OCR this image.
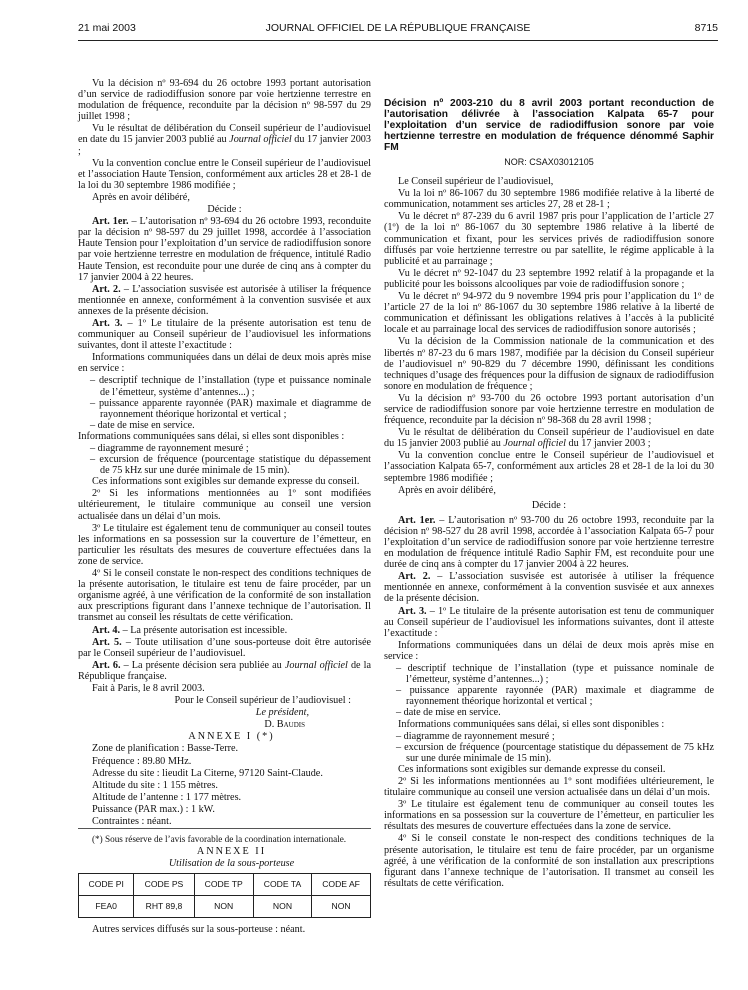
21 mai 2003	JOURNAL OFFICIEL DE LA RÉPUBLIQUE FRANÇAISE	8715

Vu la décision nº 93-694 du 26 octobre 1993 portant autorisation d’un service de radiodiffusion sonore par voie hertzienne terrestre en modulation de fréquence, reconduite par la décision nº 98-597 du 29 juillet 1998 ;

Vu le résultat de délibération du Conseil supérieur de l’audiovisuel en date du 15 janvier 2003 publié au Journal officiel du 17 janvier 2003 ;

Vu la convention conclue entre le Conseil supérieur de l’audiovisuel et l’association Haute Tension, conformément aux articles 28 et 28-1 de la loi du 30 septembre 1986 modifiée ;

Après en avoir délibéré,

Décide :

Art. 1er. – L’autorisation nº 93-694 du 26 octobre 1993, reconduite par la décision nº 98-597 du 29 juillet 1998, accordée à l’association Haute Tension pour l’exploitation d’un service de radiodiffusion sonore par voie hertzienne terrestre en modulation de fréquence, intitulé Radio Haute Tension, est reconduite pour une durée de cinq ans à compter du 17 janvier 2004 à 22 heures.

Art. 2. – L’association susvisée est autorisée à utiliser la fréquence mentionnée en annexe, conformément à la convention susvisée et aux annexes de la présente décision.

Art. 3. – 1º Le titulaire de la présente autorisation est tenu de communiquer au Conseil supérieur de l’audiovisuel les informations suivantes, dont il atteste l’exactitude :

Informations communiquées dans un délai de deux mois après mise en service :

– descriptif technique de l’installation (type et puissance nominale de l’émetteur, système d’antennes...) ;
– puissance apparente rayonnée (PAR) maximale et diagramme de rayonnement théorique horizontal et vertical ;
– date de mise en service.

Informations communiquées sans délai, si elles sont disponibles :

– diagramme de rayonnement mesuré ;
– excursion de fréquence (pourcentage statistique du dépassement de 75 kHz sur une durée minimale de 15 min).

Ces informations sont exigibles sur demande expresse du conseil.

2º Si les informations mentionnées au 1º sont modifiées ultérieurement, le titulaire communique au conseil une version actualisée dans un délai d’un mois.

3º Le titulaire est également tenu de communiquer au conseil toutes les informations en sa possession sur la couverture de l’émetteur, en particulier les résultats des mesures de couverture effectuées dans la zone de service.

4º Si le conseil constate le non-respect des conditions techniques de la présente autorisation, le titulaire est tenu de faire procéder, par un organisme agréé, à une vérification de la conformité de son installation aux prescriptions figurant dans l’annexe technique de l’autorisation. Il transmet au conseil les résultats de cette vérification.

Art. 4. – La présente autorisation est incessible.

Art. 5. – Toute utilisation d’une sous-porteuse doit être autorisée par le Conseil supérieur de l’audiovisuel.

Art. 6. – La présente décision sera publiée au Journal officiel de la République française.

Fait à Paris, le 8 avril 2003.

Pour le Conseil supérieur de l’audiovisuel :

Le président,

D. Baudis

ANNEXE I (*)

Zone de planification : Basse-Terre.

Fréquence : 89.80 MHz.

Adresse du site : lieudit La Citerne, 97120 Saint-Claude.

Altitude du site : 1 155 mètres.

Altitude de l’antenne : 1 177 mètres.

Puissance (PAR max.) : 1 kW.

Contraintes : néant.

(*) Sous réserve de l’avis favorable de la coordination internationale.

ANNEXE II

Utilisation de la sous-porteuse

CODE PI	CODE PS	CODE TP	CODE TA	CODE AF
FEA0	RHT 89,8	NON	NON	NON

Autres services diffusés sur la sous-porteuse : néant.

Décision nº 2003-210 du 8 avril 2003 portant reconduction de l’autorisation délivrée à l’association Kalpata 65-7 pour l’exploitation d’un service de radiodiffusion sonore par voie hertzienne terrestre en modulation de fréquence dénommé Saphir FM
NOR: CSAX03012105

Le Conseil supérieur de l’audiovisuel,

Vu la loi nº 86-1067 du 30 septembre 1986 modifiée relative à la liberté de communication, notamment ses articles 27, 28 et 28-1 ;

Vu le décret nº 87-239 du 6 avril 1987 pris pour l’application de l’article 27 (1º) de la loi nº 86-1067 du 30 septembre 1986 relative à la liberté de communication et fixant, pour les services privés de radiodiffusion sonore diffusés par voie hertzienne terrestre ou par satellite, le régime applicable à la publicité et au parrainage ;

Vu le décret nº 92-1047 du 23 septembre 1992 relatif à la propagande et la publicité pour les boissons alcooliques par voie de radiodiffusion sonore ;

Vu le décret nº 94-972 du 9 novembre 1994 pris pour l’application du 1º de l’article 27 de la loi nº 86-1067 du 30 septembre 1986 relative à la liberté de communication et définissant les obligations relatives à l’accès à la publicité locale et au parrainage local des services de radiodiffusion sonore autorisés ;

Vu la décision de la Commission nationale de la communication et des libertés nº 87-23 du 6 mars 1987, modifiée par la décision du Conseil supérieur de l’audiovisuel nº 90-829 du 7 décembre 1990, définissant les conditions techniques d’usage des fréquences pour la diffusion de signaux de radiodiffusion sonore en modulation de fréquence ;

Vu la décision nº 93-700 du 26 octobre 1993 portant autorisation d’un service de radiodiffusion sonore par voie hertzienne terrestre en modulation de fréquence, reconduite par la décision nº 98-368 du 28 avril 1998 ;

Vu le résultat de délibération du Conseil supérieur de l’audiovisuel en date du 15 janvier 2003 publié au Journal officiel du 17 janvier 2003 ;

Vu la convention conclue entre le Conseil supérieur de l’audiovisuel et l’association Kalpata 65-7, conformément aux articles 28 et 28-1 de la loi du 30 septembre 1986 modifiée ;

Après en avoir délibéré,

Décide :

Art. 1er. – L’autorisation nº 93-700 du 26 octobre 1993, reconduite par la décision nº 98-527 du 28 avril 1998, accordée à l’association Kalpata 65-7 pour l’exploitation d’un service de radiodiffusion sonore par voie hertzienne terrestre en modulation de fréquence intitulé Radio Saphir FM, est reconduite pour une durée de cinq ans à compter du 17 janvier 2004 à 22 heures.

Art. 2. – L’association susvisée est autorisée à utiliser la fréquence mentionnée en annexe, conformément à la convention susvisée et aux annexes de la présente décision.

Art. 3. – 1º Le titulaire de la présente autorisation est tenu de communiquer au Conseil supérieur de l’audiovisuel les informations suivantes, dont il atteste l’exactitude :

Informations communiquées dans un délai de deux mois après mise en service :

– descriptif technique de l’installation (type et puissance nominale de l’émetteur, système d’antennes...) ;
– puissance apparente rayonnée (PAR) maximale et diagramme de rayonnement théorique horizontal et vertical ;
– date de mise en service.

Informations communiquées sans délai, si elles sont disponibles :

– diagramme de rayonnement mesuré ;
– excursion de fréquence (pourcentage statistique du dépassement de 75 kHz sur une durée minimale de 15 min).

Ces informations sont exigibles sur demande expresse du conseil.

2º Si les informations mentionnées au 1º sont modifiées ultérieurement, le titulaire communique au conseil une version actualisée dans un délai d’un mois.

3º Le titulaire est également tenu de communiquer au conseil toutes les informations en sa possession sur la couverture de l’émetteur, en particulier les résultats des mesures de couverture effectuées dans la zone de service.

4º Si le conseil constate le non-respect des conditions techniques de la présente autorisation, le titulaire est tenu de faire procéder, par un organisme agréé, à une vérification de la conformité de son installation aux prescriptions figurant dans l’annexe technique de l’autorisation. Il transmet au conseil les résultats de cette vérification.
